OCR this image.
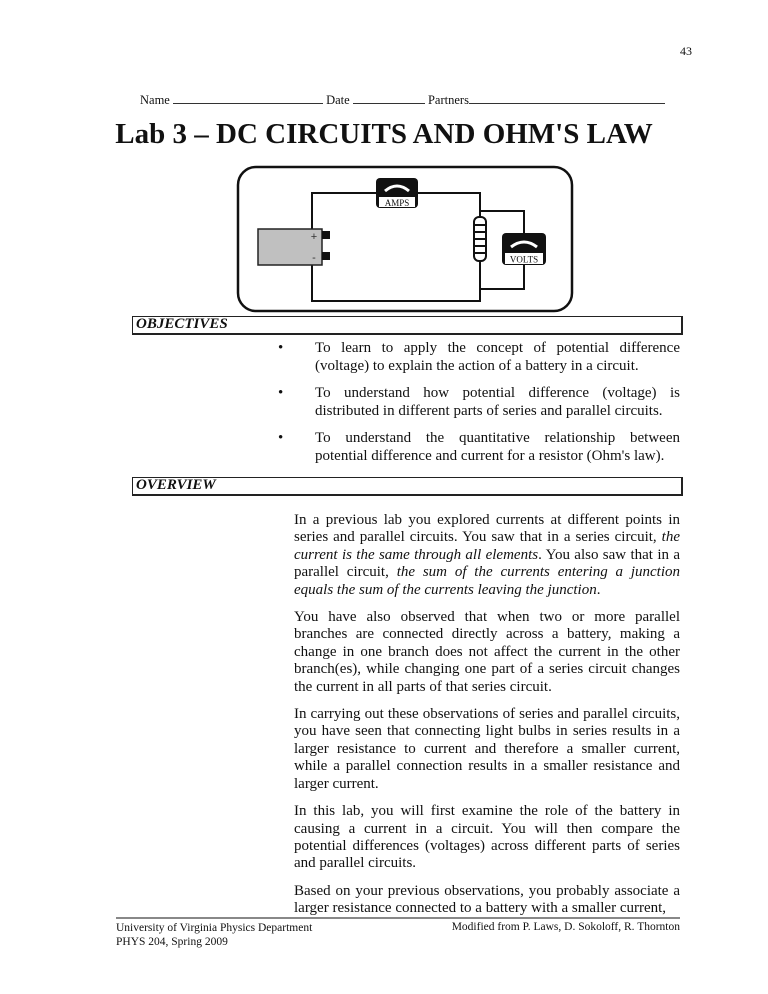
43
Name	Date	Partners
Lab 3 – DC CIRCUITS AND OHM'S LAW
+
-
AMPS
VOLTS
OBJECTIVES
• To learn to apply the concept of potential difference (voltage) to explain the action of a battery in a circuit.
• To understand how potential difference (voltage) is distributed in different parts of series and parallel circuits.
• To understand the quantitative relationship between potential difference and current for a resistor (Ohm's law).
OVERVIEW

In a previous lab you explored currents at different points in series and parallel circuits. You saw that in a series circuit, the current is the same through all elements. You also saw that in a parallel circuit, the sum of the currents entering a junction equals the sum of the currents leaving the junction.

You have also observed that when two or more parallel branches are connected directly across a battery, making a change in one branch does not affect the current in the other branch(es), while changing one part of a series circuit changes the current in all parts of that series circuit.

In carrying out these observations of series and parallel circuits, you have seen that connecting light bulbs in series results in a larger resistance to current and therefore a smaller current, while a parallel connection results in a smaller resistance and larger current.

In this lab, you will first examine the role of the battery in causing a current in a circuit. You will then compare the potential differences (voltages) across different parts of series and parallel circuits.

Based on your previous observations, you probably associate a larger resistance connected to a battery with a smaller current,

University of Virginia Physics Department
PHYS 204, Spring 2009
Modified from P. Laws, D. Sokoloff, R. Thornton
